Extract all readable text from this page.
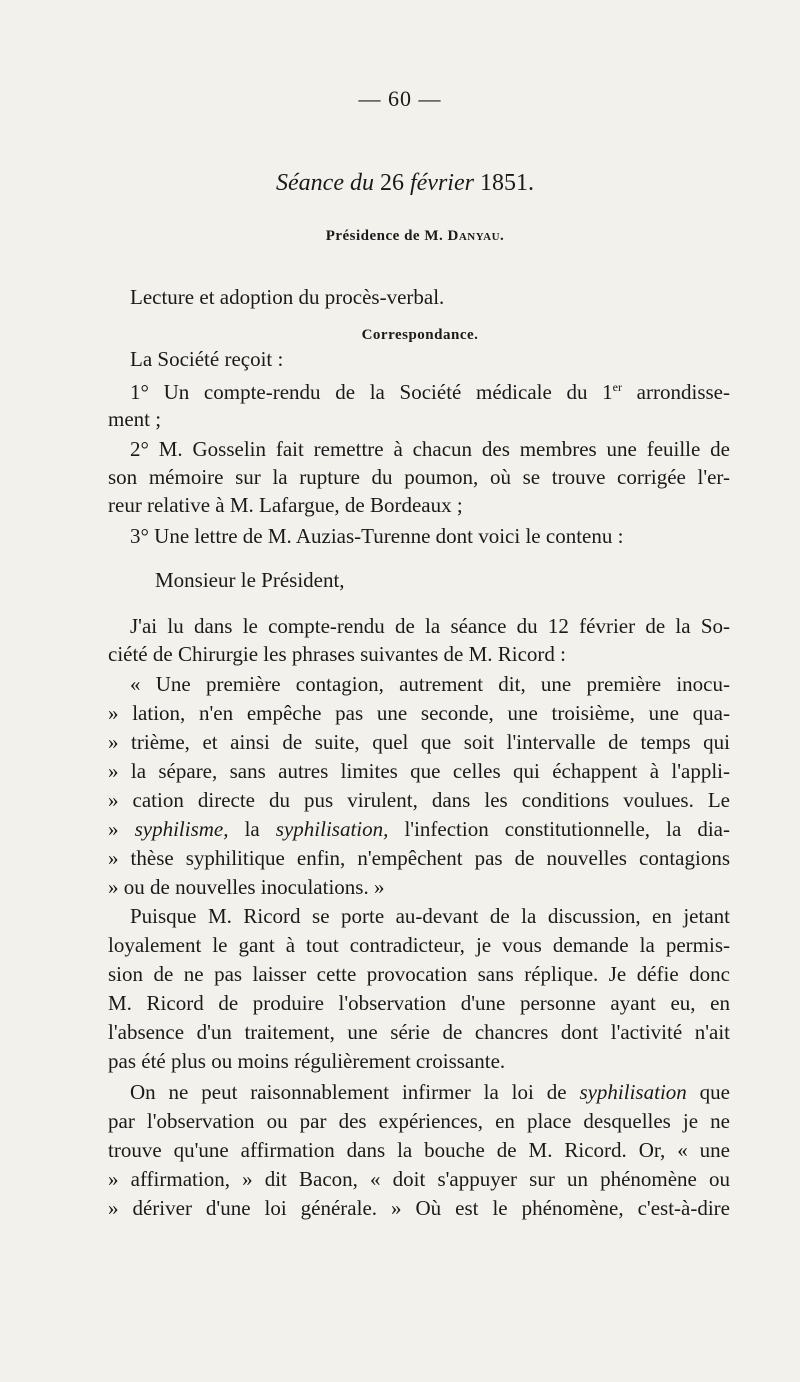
— 60 —
Séance du 26 février 1851.
Présidence de M. Danyau.
Lecture et adoption du procès-verbal.
Correspondance.
La Société reçoit :
1° Un compte-rendu de la Société médicale du 1er arrondisse-
ment ;
2° M. Gosselin fait remettre à chacun des membres une feuille de
son mémoire sur la rupture du poumon, où se trouve corrigée l'er-
reur relative à M. Lafargue, de Bordeaux ;
3° Une lettre de M. Auzias-Turenne dont voici le contenu :
Monsieur le Président,
J'ai lu dans le compte-rendu de la séance du 12 février de la So-
ciété de Chirurgie les phrases suivantes de M. Ricord :
« Une première contagion, autrement dit, une première inocu-
» lation, n'en empêche pas une seconde, une troisième, une qua-
» trième, et ainsi de suite, quel que soit l'intervalle de temps qui
» la sépare, sans autres limites que celles qui échappent à l'appli-
» cation directe du pus virulent, dans les conditions voulues. Le
» syphilisme, la syphilisation, l'infection constitutionnelle, la dia-
» thèse syphilitique enfin, n'empêchent pas de nouvelles contagions
» ou de nouvelles inoculations. »
Puisque M. Ricord se porte au-devant de la discussion, en jetant
loyalement le gant à tout contradicteur, je vous demande la permis-
sion de ne pas laisser cette provocation sans réplique. Je défie donc
M. Ricord de produire l'observation d'une personne ayant eu, en
l'absence d'un traitement, une série de chancres dont l'activité n'ait
pas été plus ou moins régulièrement croissante.
On ne peut raisonnablement infirmer la loi de syphilisation que
par l'observation ou par des expériences, en place desquelles je ne
trouve qu'une affirmation dans la bouche de M. Ricord. Or, « une
» affirmation, » dit Bacon, « doit s'appuyer sur un phénomène ou
» dériver d'une loi générale. » Où est le phénomène, c'est-à-dire
